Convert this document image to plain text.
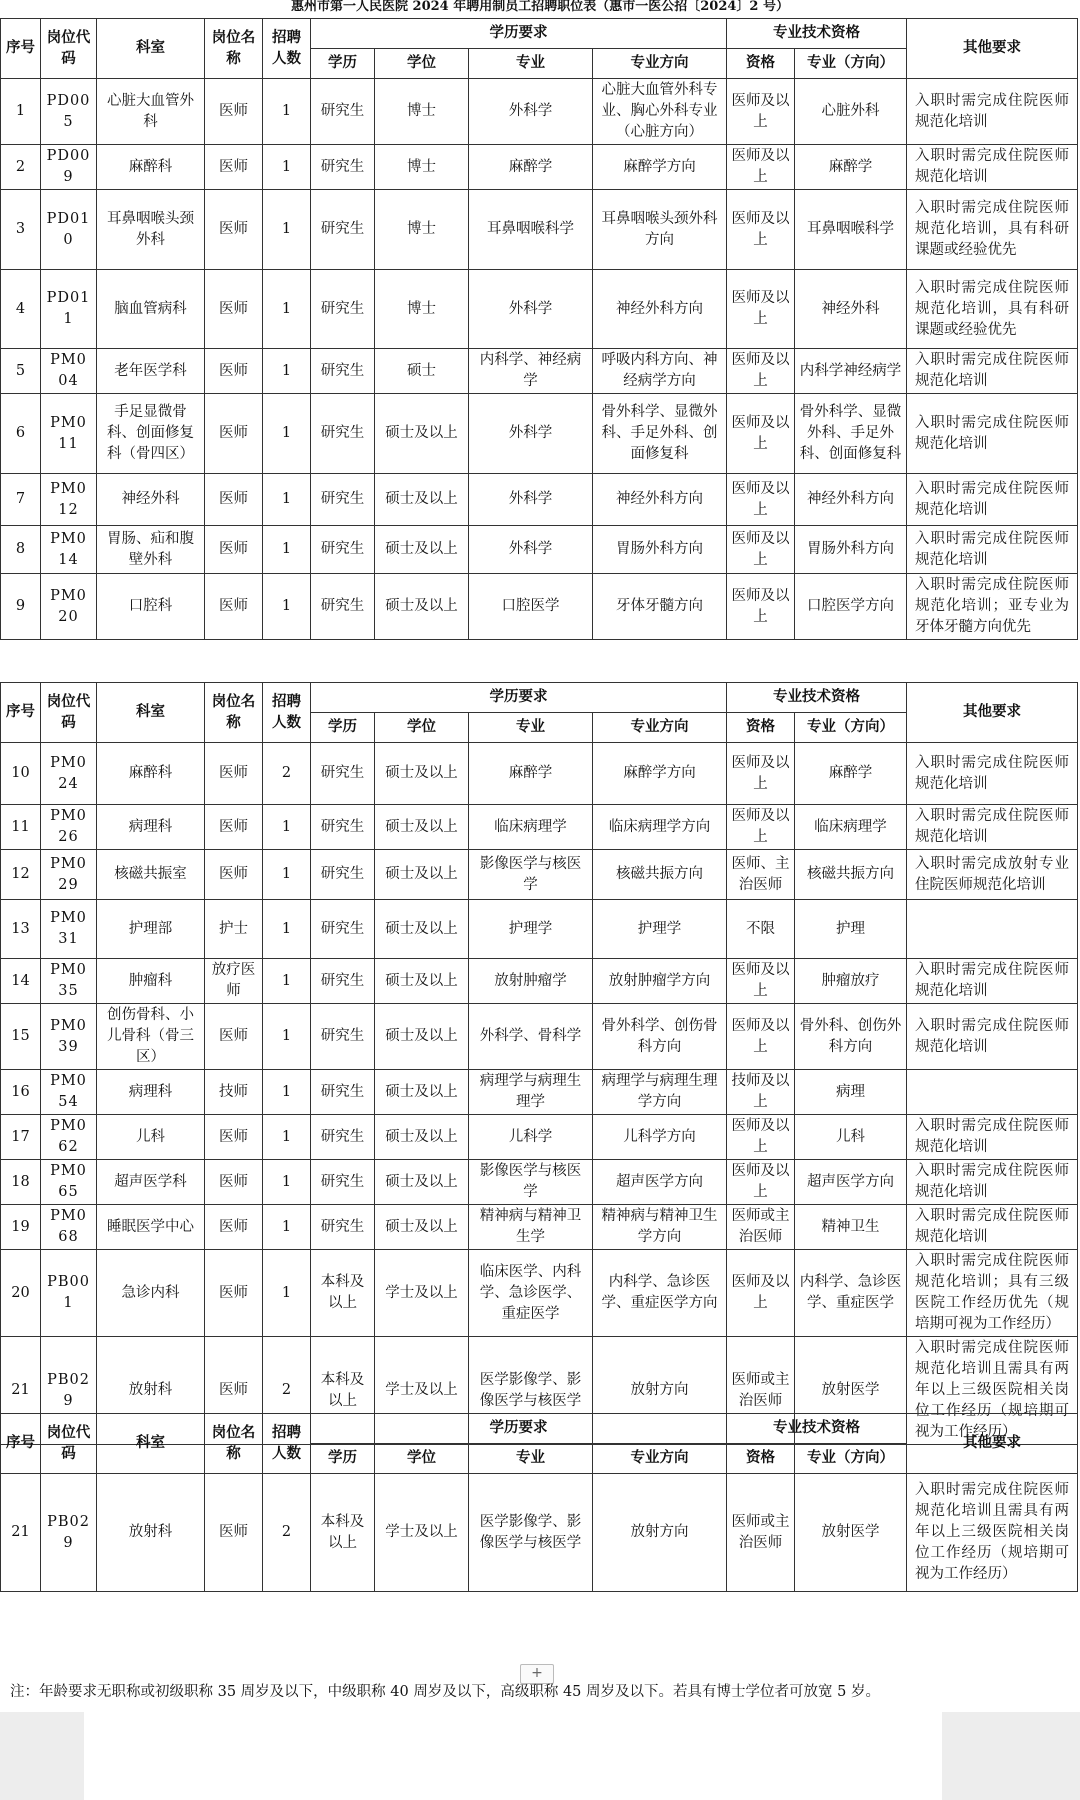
惠州市第一人民医院 2024 年聘用制员工招聘职位表（惠市一医公招〔2024〕2 号）
序号	岗位代码	科室	岗位名称	招聘人数	学历要求				专业技术资格		其他要求
					学历	学位	专业	专业方向	资格	专业（方向）	
1	PD005	心脏大血管外科	医师	1	研究生	博士	外科学	心脏大血管外科专业、胸心外科专业（心脏方向）	医师及以上	心脏外科	入职时需完成住院医师规范化培训
2	PD009	麻醉科	医师	1	研究生	博士	麻醉学	麻醉学方向	医师及以上	麻醉学	入职时需完成住院医师规范化培训
3	PD010	耳鼻咽喉头颈外科	医师	1	研究生	博士	耳鼻咽喉科学	耳鼻咽喉头颈外科方向	医师及以上	耳鼻咽喉科学	入职时需完成住院医师规范化培训，具有科研课题或经验优先
4	PD011	脑血管病科	医师	1	研究生	博士	外科学	神经外科方向	医师及以上	神经外科	入职时需完成住院医师规范化培训，具有科研课题或经验优先
5	PM004	老年医学科	医师	1	研究生	硕士	内科学、神经病学	呼吸内科方向、神经病学方向	医师及以上	内科学神经病学	入职时需完成住院医师规范化培训
6	PM011	手足显微骨科、创面修复科（骨四区）	医师	1	研究生	硕士及以上	外科学	骨外科学、显微外科、手足外科、创面修复科	医师及以上	骨外科学、显微外科、手足外科、创面修复科	入职时需完成住院医师规范化培训
7	PM012	神经外科	医师	1	研究生	硕士及以上	外科学	神经外科方向	医师及以上	神经外科方向	入职时需完成住院医师规范化培训
8	PM014	胃肠、疝和腹壁外科	医师	1	研究生	硕士及以上	外科学	胃肠外科方向	医师及以上	胃肠外科方向	入职时需完成住院医师规范化培训
9	PM020	口腔科	医师	1	研究生	硕士及以上	口腔医学	牙体牙髓方向	医师及以上	口腔医学方向	入职时需完成住院医师规范化培训；亚专业为牙体牙髓方向优先
序号	岗位代码	科室	岗位名称	招聘人数	学历要求				专业技术资格		其他要求
					学历	学位	专业	专业方向	资格	专业（方向）	
10	PM024	麻醉科	医师	2	研究生	硕士及以上	麻醉学	麻醉学方向	医师及以上	麻醉学	入职时需完成住院医师规范化培训
11	PM026	病理科	医师	1	研究生	硕士及以上	临床病理学	临床病理学方向	医师及以上	临床病理学	入职时需完成住院医师规范化培训
12	PM029	核磁共振室	医师	1	研究生	硕士及以上	影像医学与核医学	核磁共振方向	医师、主治医师	核磁共振方向	入职时需完成放射专业住院医师规范化培训
13	PM031	护理部	护士	1	研究生	硕士及以上	护理学	护理学	不限	护理	
14	PM035	肿瘤科	放疗医师	1	研究生	硕士及以上	放射肿瘤学	放射肿瘤学方向	医师及以上	肿瘤放疗	入职时需完成住院医师规范化培训
15	PM039	创伤骨科、小儿骨科（骨三区）	医师	1	研究生	硕士及以上	外科学、骨科学	骨外科学、创伤骨科方向	医师及以上	骨外科、创伤外科方向	入职时需完成住院医师规范化培训
16	PM054	病理科	技师	1	研究生	硕士及以上	病理学与病理生理学	病理学与病理生理学方向	技师及以上	病理	
17	PM062	儿科	医师	1	研究生	硕士及以上	儿科学	儿科学方向	医师及以上	儿科	入职时需完成住院医师规范化培训
18	PM065	超声医学科	医师	1	研究生	硕士及以上	影像医学与核医学	超声医学方向	医师及以上	超声医学方向	入职时需完成住院医师规范化培训
19	PM068	睡眠医学中心	医师	1	研究生	硕士及以上	精神病与精神卫生学	精神病与精神卫生学方向	医师或主治医师	精神卫生	入职时需完成住院医师规范化培训
20	PB001	急诊内科	医师	1	本科及以上	学士及以上	临床医学、内科学、急诊医学、重症医学	内科学、急诊医学、重症医学方向	医师及以上	内科学、急诊医学、重症医学	入职时需完成住院医师规范化培训；具有三级医院工作经历优先（规培期可视为工作经历）
21	PB029	放射科	医师	2	本科及以上	学士及以上	医学影像学、影像医学与核医学	放射方向	医师或主治医师	放射医学	入职时需完成住院医师规范化培训且需具有两年以上三级医院相关岗位工作经历（规培期可视为工作经历）
序号	岗位代码	科室	岗位名称	招聘人数	学历要求				专业技术资格		其他要求
					学历	学位	专业	专业方向	资格	专业（方向）	
21	PB029	放射科	医师	2	本科及以上	学士及以上	医学影像学、影像医学与核医学	放射方向	医师或主治医师	放射医学	入职时需完成住院医师规范化培训且需具有两年以上三级医院相关岗位工作经历（规培期可视为工作经历）
+
注：年龄要求无职称或初级职称 35 周岁及以下，中级职称 40 周岁及以下，高级职称 45 周岁及以下。若具有博士学位者可放宽 5 岁。
